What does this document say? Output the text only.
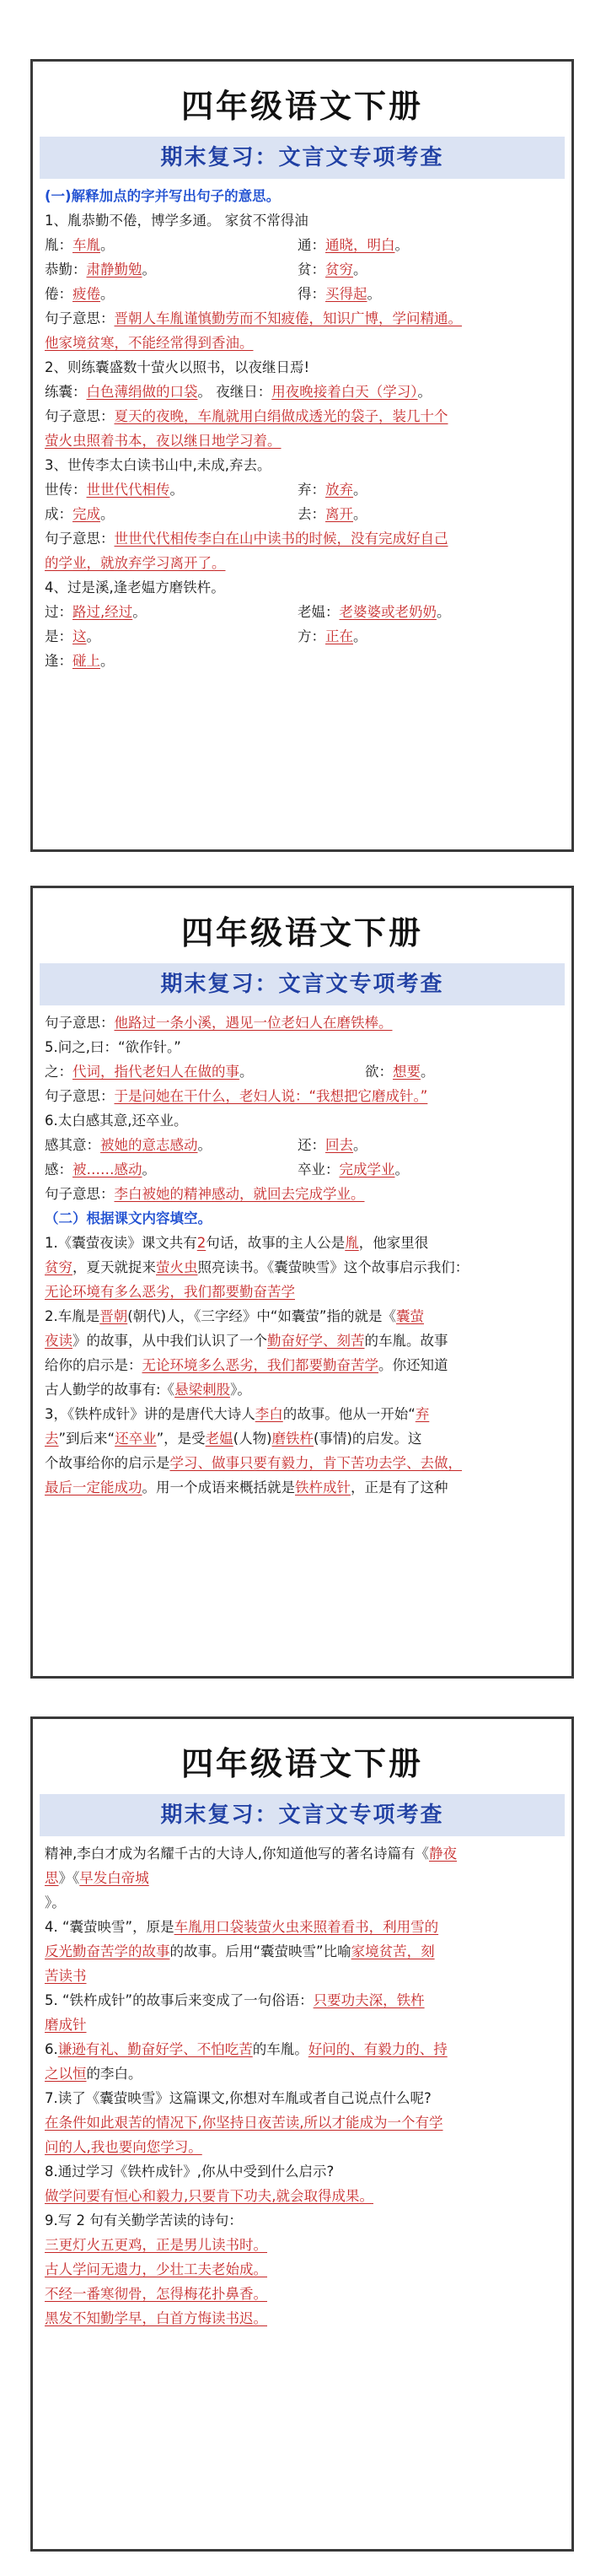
四年级语文下册
期末复习：文言文专项考查
(一)解释加点的字并写出句子的意思。
1、胤恭勤不倦，博学多通。 家贫不常得油
胤：车胤。	通：通晓，明白。
恭勤：肃静勤勉。	贫：贫穷。
倦：疲倦。	得：买得起。
句子意思：晋朝人车胤谨慎勤劳而不知疲倦，知识广博，学问精通。
他家境贫寒，不能经常得到香油。
2、则练囊盛数十萤火以照书，以夜继日焉!
练囊：白色薄绢做的口袋。 夜继日：用夜晚接着白天（学习）。
句子意思：夏天的夜晚，车胤就用白绢做成透光的袋子，装几十个
萤火虫照着书本，夜以继日地学习着。
3、世传李太白读书山中,未成,弃去。
世传：世世代代相传。	弃：放弃。
成：完成。	去：离开。
句子意思：世世代代相传李白在山中读书的时候，没有完成好自己
的学业，就放弃学习离开了。
4、过是溪,逢老媪方磨铁杵。
过：路过,经过。	老媪：老婆婆或老奶奶。
是：这。	方：正在。
逢：碰上。
四年级语文下册
期末复习：文言文专项考查
句子意思：他路过一条小溪，遇见一位老妇人在磨铁棒。
5.问之,曰：“欲作针。”
之：代词，指代老妇人在做的事。	欲：想要。
句子意思：于是问她在干什么，老妇人说：“我想把它磨成针。”
6.太白感其意,还卒业。
感其意：被她的意志感动。	还：回去。
感：被……感动。	卒业：完成学业。
句子意思：李白被她的精神感动，就回去完成学业。
（二）根据课文内容填空。
1.《囊萤夜读》课文共有2句话，故事的主人公是胤，他家里很
贫穷，夏天就捉来萤火虫照亮读书。《囊萤映雪》这个故事启示我们：
无论环境有多么恶劣，我们都要勤奋苦学
2.车胤是晋朝(朝代)人，《三字经》中“如囊萤”指的就是《囊萤
夜读》的故事，从中我们认识了一个勤奋好学、刻苦的车胤。故事
给你的启示是：无论环境多么恶劣，我们都要勤奋苦学。你还知道
古人勤学的故事有:《悬梁刺股》。
3，《铁杵成针》讲的是唐代大诗人李白的故事。他从一开始“弃
去”到后来“还卒业”，是受老媪(人物)磨铁杵(事情)的启发。这
个故事给你的启示是学习、做事只要有毅力，肯下苦功去学、去做，
最后一定能成功。用一个成语来概括就是铁杵成针，正是有了这种
四年级语文下册
期末复习：文言文专项考查
精神,李白才成为名耀千古的大诗人,你知道他写的著名诗篇有《静夜
思》《早发白帝城
》。
4. “囊萤映雪”，原是车胤用口袋装萤火虫来照着看书，利用雪的
反光勤奋苦学的故事的故事。后用“囊萤映雪”比喻家境贫苦，刻
苦读书
5. “铁杵成针”的故事后来变成了一句俗语：只要功夫深，铁杵
磨成针
6.谦逊有礼、勤奋好学、不怕吃苦的车胤。好问的、有毅力的、持
之以恒的李白。
7.读了《囊萤映雪》这篇课文,你想对车胤或者自己说点什么呢?
在条件如此艰苦的情况下,你坚持日夜苦读,所以才能成为一个有学
问的人,我也要向您学习。
8.通过学习《铁杵成针》,你从中受到什么启示?
做学问要有恒心和毅力,只要肯下功夫,就会取得成果。
9.写 2 句有关勤学苦读的诗句：
三更灯火五更鸡，正是男儿读书时。
古人学问无遗力，少壮工夫老始成。
不经一番寒彻骨，怎得梅花扑鼻香。
黑发不知勤学早，白首方悔读书迟。
